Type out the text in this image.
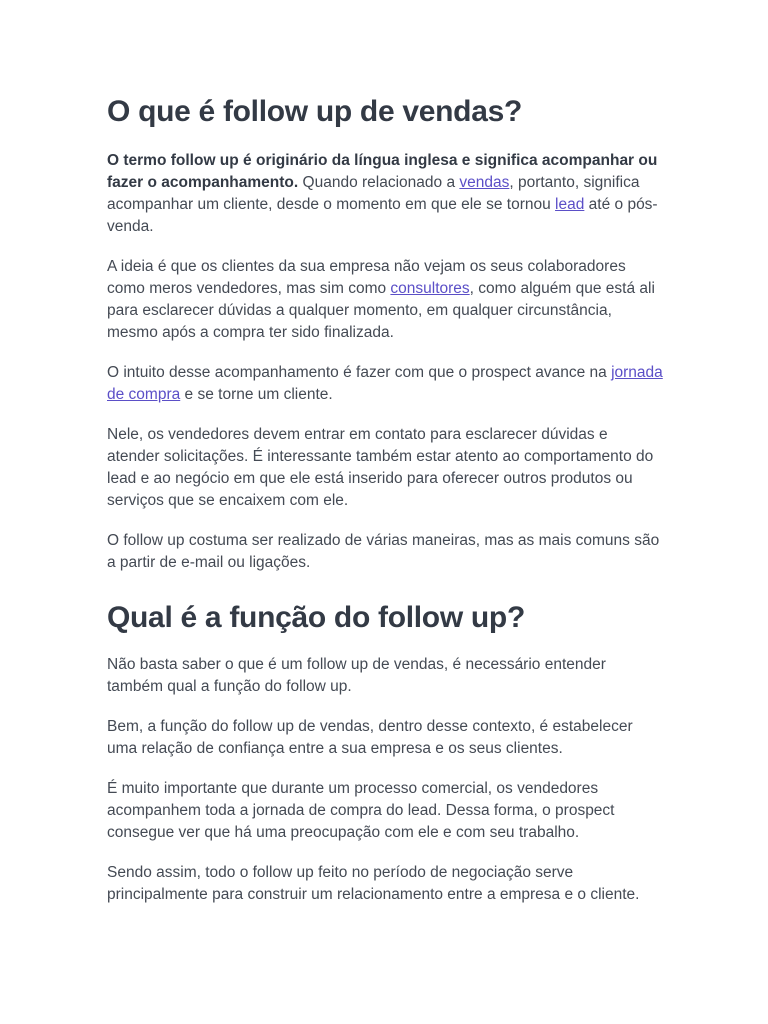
O que é follow up de vendas?

O termo follow up é originário da língua inglesa e significa acompanhar ou fazer o acompanhamento. Quando relacionado a vendas, portanto, significa acompanhar um cliente, desde o momento em que ele se tornou lead até o pós-venda.

A ideia é que os clientes da sua empresa não vejam os seus colaboradores como meros vendedores, mas sim como consultores, como alguém que está ali para esclarecer dúvidas a qualquer momento, em qualquer circunstância, mesmo após a compra ter sido finalizada.

O intuito desse acompanhamento é fazer com que o prospect avance na jornada de compra e se torne um cliente.

Nele, os vendedores devem entrar em contato para esclarecer dúvidas e atender solicitações. É interessante também estar atento ao comportamento do lead e ao negócio em que ele está inserido para oferecer outros produtos ou serviços que se encaixem com ele.

O follow up costuma ser realizado de várias maneiras, mas as mais comuns são a partir de e-mail ou ligações.

Qual é a função do follow up?

Não basta saber o que é um follow up de vendas, é necessário entender também qual a função do follow up.

Bem, a função do follow up de vendas, dentro desse contexto, é estabelecer uma relação de confiança entre a sua empresa e os seus clientes.

É muito importante que durante um processo comercial, os vendedores acompanhem toda a jornada de compra do lead. Dessa forma, o prospect consegue ver que há uma preocupação com ele e com seu trabalho.

Sendo assim, todo o follow up feito no período de negociação serve principalmente para construir um relacionamento entre a empresa e o cliente.
